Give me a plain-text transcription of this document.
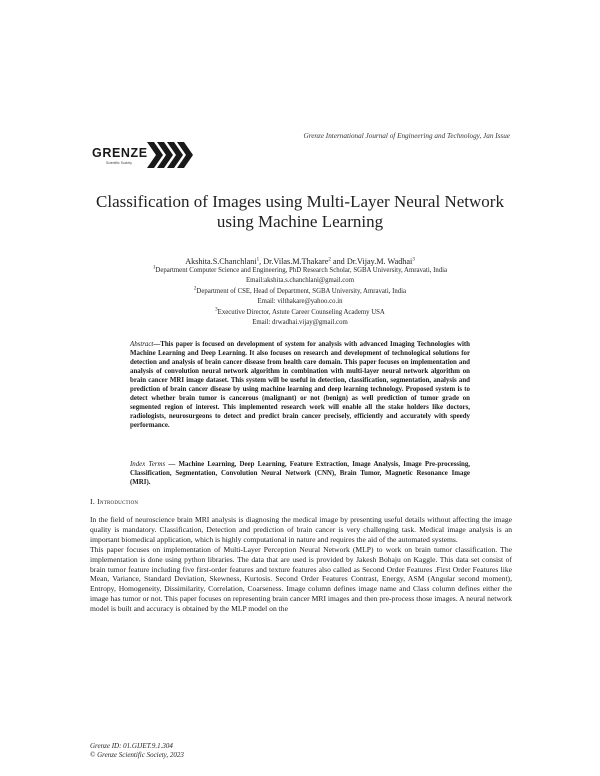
Grenze International Journal of Engineering and Technology, Jan Issue
GRENZE
Scientific Society
Classification of Images using Multi-Layer Neural Network using Machine Learning
Akshita.S.Chanchlani$^1$, Dr.Vilas.M.Thakare$^2$ and Dr.Vijay.M. Wadhai$^3$
$^1$Department Computer Science and Engineering, PhD Research Scholar, SGBA University, Amravati, India
Email:akshita.s.chanchlani@gmail.com
$^2$Department of CSE, Head of Department, SGBA University, Amravati, India
Email: vilthakare@yahoo.co.in
$^3$Executive Director, Astute Career Counseling Academy USA
Email: drwadhai.vijay@gmail.com
Abstract—This paper is focused on development of system for analysis with advanced Imaging Technologies with Machine Learning and Deep Learning. It also focuses on research and development of technological solutions for detection and analysis of brain cancer disease from health care domain. This paper focuses on implementation and analysis of convolution neural network algorithm in combination with multi-layer neural network algorithm on brain cancer MRI image dataset. This system will be useful in detection, classification, segmentation, analysis and prediction of brain cancer disease by using machine learning and deep learning technology. Proposed system is to detect whether brain tumor is cancerous (malignant) or not (benign) as well prediction of tumor grade on segmented region of interest. This implemented research work will enable all the stake holders like doctors, radiologists, neurosurgeons to detect and predict brain cancer precisely, efficiently and accurately with speedy performance.
Index Terms — Machine Learning, Deep Learning, Feature Extraction, Image Analysis, Image Pre-processing, Classification, Segmentation, Convolution Neural Network (CNN), Brain Tumor, Magnetic Resonance Image (MRI).
I. Introduction

In the field of neuroscience brain MRI analysis is diagnosing the medical image by presenting useful details without affecting the image quality is mandatory. Classification, Detection and prediction of brain cancer is very challenging task. Medical image analysis is an important biomedical application, which is highly computational in nature and requires the aid of the automated systems.

This paper focuses on implementation of Multi-Layer Perception Neural Network (MLP) to work on brain tumor classification. The implementation is done using python libraries. The data that are used is provided by Jakesh Bohaju on Kaggle. This data set consist of brain tumor feature including five first-order features and texture features also called as Second Order Features .First Order Features like Mean, Variance, Standard Deviation, Skewness, Kurtosis. Second Order Features Contrast, Energy, ASM (Angular second moment), Entropy, Homogeneity, Dissimilarity, Correlation, Coarseness. Image column defines image name and Class column defines either the image has tumor or not. This paper focuses on representing brain cancer MRI images and then pre-process those images. A neural network model is built and accuracy is obtained by the MLP model on the

Grenze ID: 01.GIJET.9.1.304
© Grenze Scientific Society, 2023
